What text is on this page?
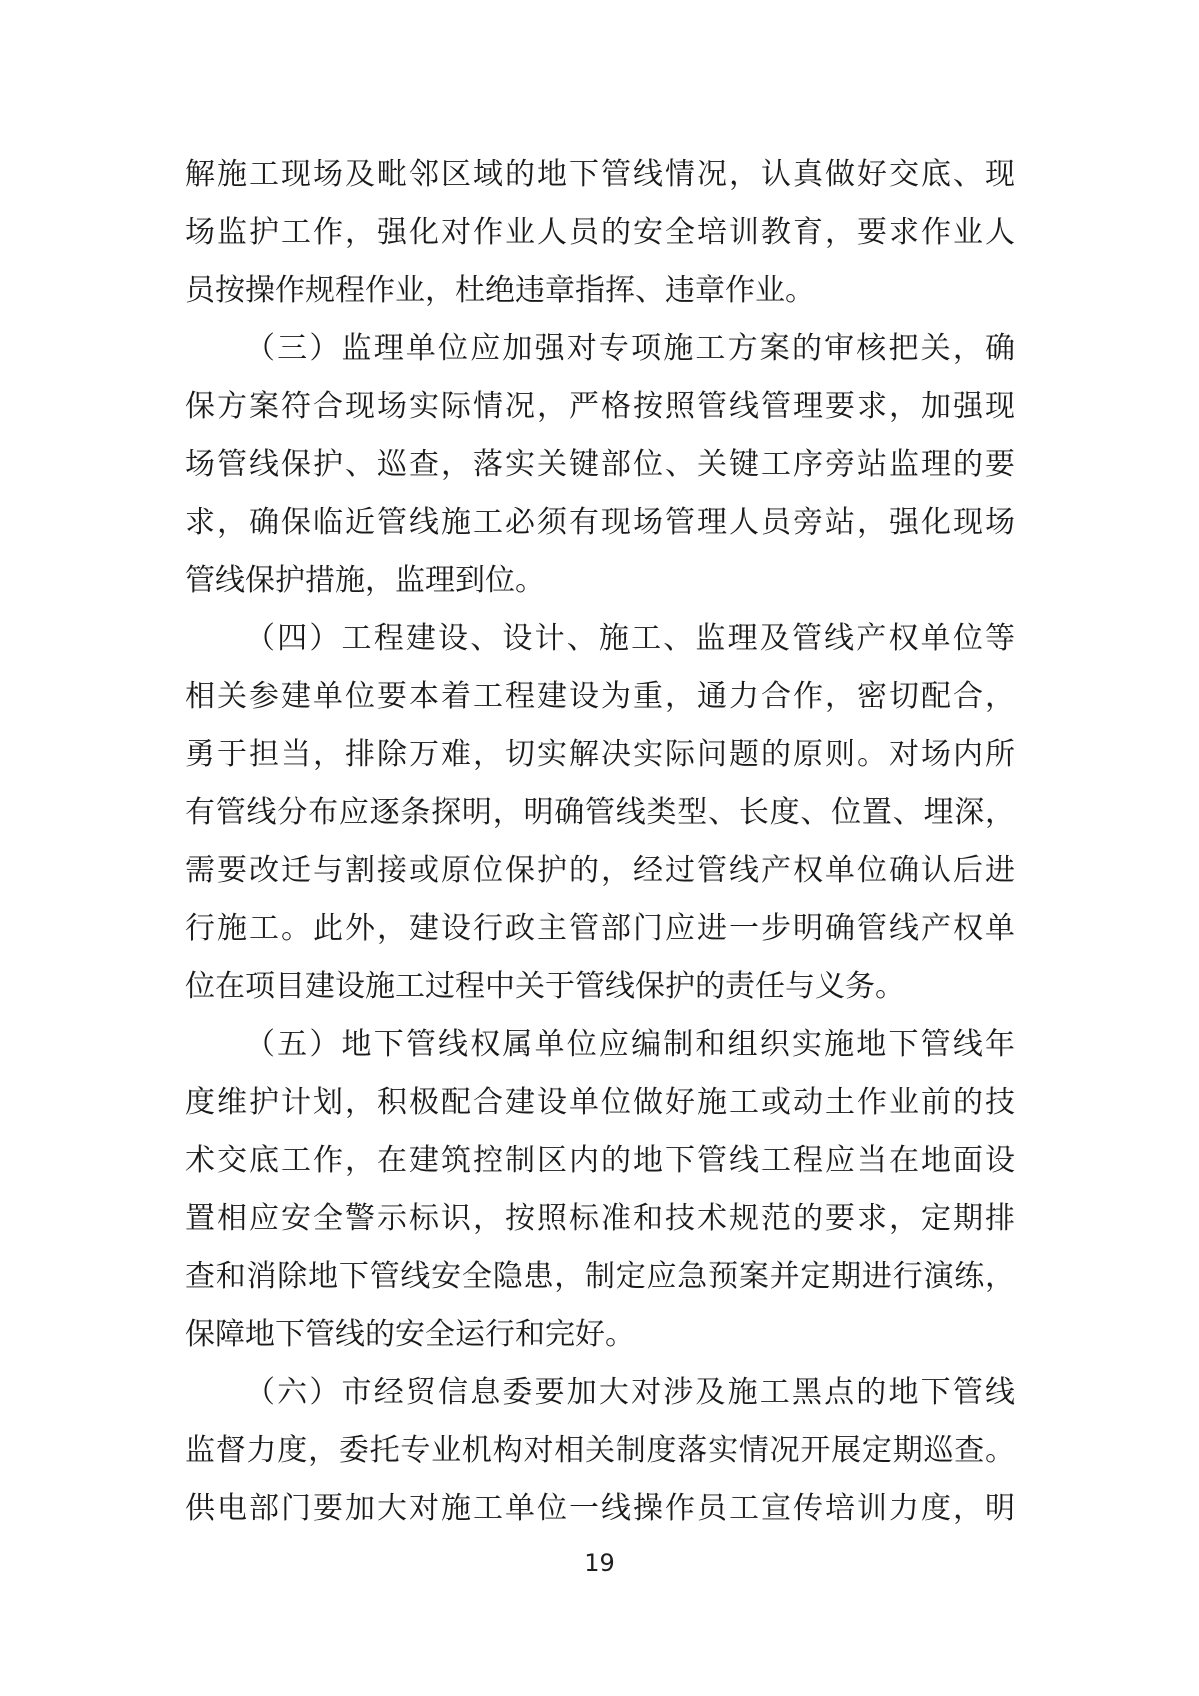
解施工现场及毗邻区域的地下管线情况，认真做好交底、现
场监护工作，强化对作业人员的安全培训教育，要求作业人
员按操作规程作业，杜绝违章指挥、违章作业。
（三）监理单位应加强对专项施工方案的审核把关，确
保方案符合现场实际情况，严格按照管线管理要求，加强现
场管线保护、巡查，落实关键部位、关键工序旁站监理的要
求，确保临近管线施工必须有现场管理人员旁站，强化现场
管线保护措施，监理到位。
（四）工程建设、设计、施工、监理及管线产权单位等
相关参建单位要本着工程建设为重，通力合作，密切配合，
勇于担当，排除万难，切实解决实际问题的原则。对场内所
有管线分布应逐条探明，明确管线类型、长度、位置、埋深，
需要改迁与割接或原位保护的，经过管线产权单位确认后进
行施工。此外，建设行政主管部门应进一步明确管线产权单
位在项目建设施工过程中关于管线保护的责任与义务。
（五）地下管线权属单位应编制和组织实施地下管线年
度维护计划，积极配合建设单位做好施工或动土作业前的技
术交底工作，在建筑控制区内的地下管线工程应当在地面设
置相应安全警示标识，按照标准和技术规范的要求，定期排
查和消除地下管线安全隐患，制定应急预案并定期进行演练，
保障地下管线的安全运行和完好。
（六）市经贸信息委要加大对涉及施工黑点的地下管线
监督力度，委托专业机构对相关制度落实情况开展定期巡查。
供电部门要加大对施工单位一线操作员工宣传培训力度，明
19
